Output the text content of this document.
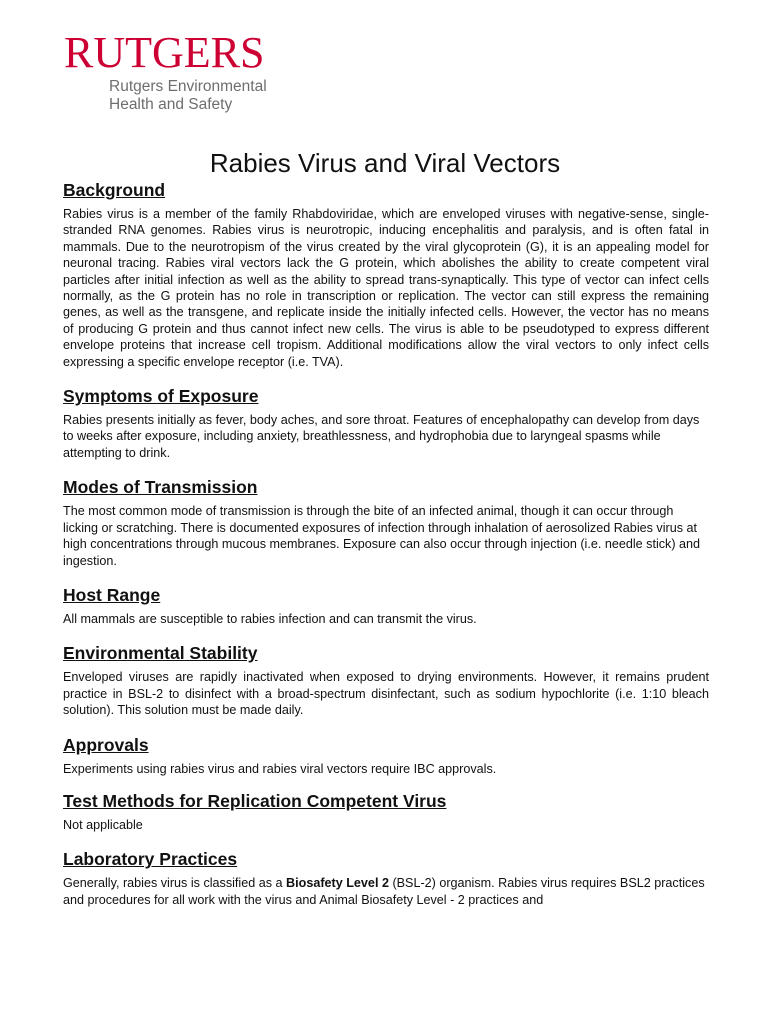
RUTGERS
Rutgers Environmental
Health and Safety
Rabies Virus and Viral Vectors
Background

Rabies virus is a member of the family Rhabdoviridae, which are enveloped viruses with negative-sense, single-stranded RNA genomes. Rabies virus is neurotropic, inducing encephalitis and paralysis, and is often fatal in mammals. Due to the neurotropism of the virus created by the viral glycoprotein (G), it is an appealing model for neuronal tracing. Rabies viral vectors lack the G protein, which abolishes the ability to create competent viral particles after initial infection as well as the ability to spread trans-synaptically. This type of vector can infect cells normally, as the G protein has no role in transcription or replication. The vector can still express the remaining genes, as well as the transgene, and replicate inside the initially infected cells. However, the vector has no means of producing G protein and thus cannot infect new cells. The virus is able to be pseudotyped to express different envelope proteins that increase cell tropism. Additional modifications allow the viral vectors to only infect cells expressing a specific envelope receptor (i.e. TVA).

Symptoms of Exposure

Rabies presents initially as fever, body aches, and sore throat. Features of encephalopathy can develop from days to weeks after exposure, including anxiety, breathlessness, and hydrophobia due to laryngeal spasms while attempting to drink.

Modes of Transmission

The most common mode of transmission is through the bite of an infected animal, though it can occur through licking or scratching. There is documented exposures of infection through inhalation of aerosolized Rabies virus at high concentrations through mucous membranes. Exposure can also occur through injection (i.e. needle stick) and ingestion.

Host Range

All mammals are susceptible to rabies infection and can transmit the virus.

Environmental Stability

Enveloped viruses are rapidly inactivated when exposed to drying environments. However, it remains prudent practice in BSL-2 to disinfect with a broad-spectrum disinfectant, such as sodium hypochlorite (i.e. 1:10 bleach solution). This solution must be made daily.

Approvals

Experiments using rabies virus and rabies viral vectors require IBC approvals.

Test Methods for Replication Competent Virus

Not applicable

Laboratory Practices

Generally, rabies virus is classified as a Biosafety Level 2 (BSL-2) organism. Rabies virus requires BSL2 practices and procedures for all work with the virus and Animal Biosafety Level - 2 practices and
